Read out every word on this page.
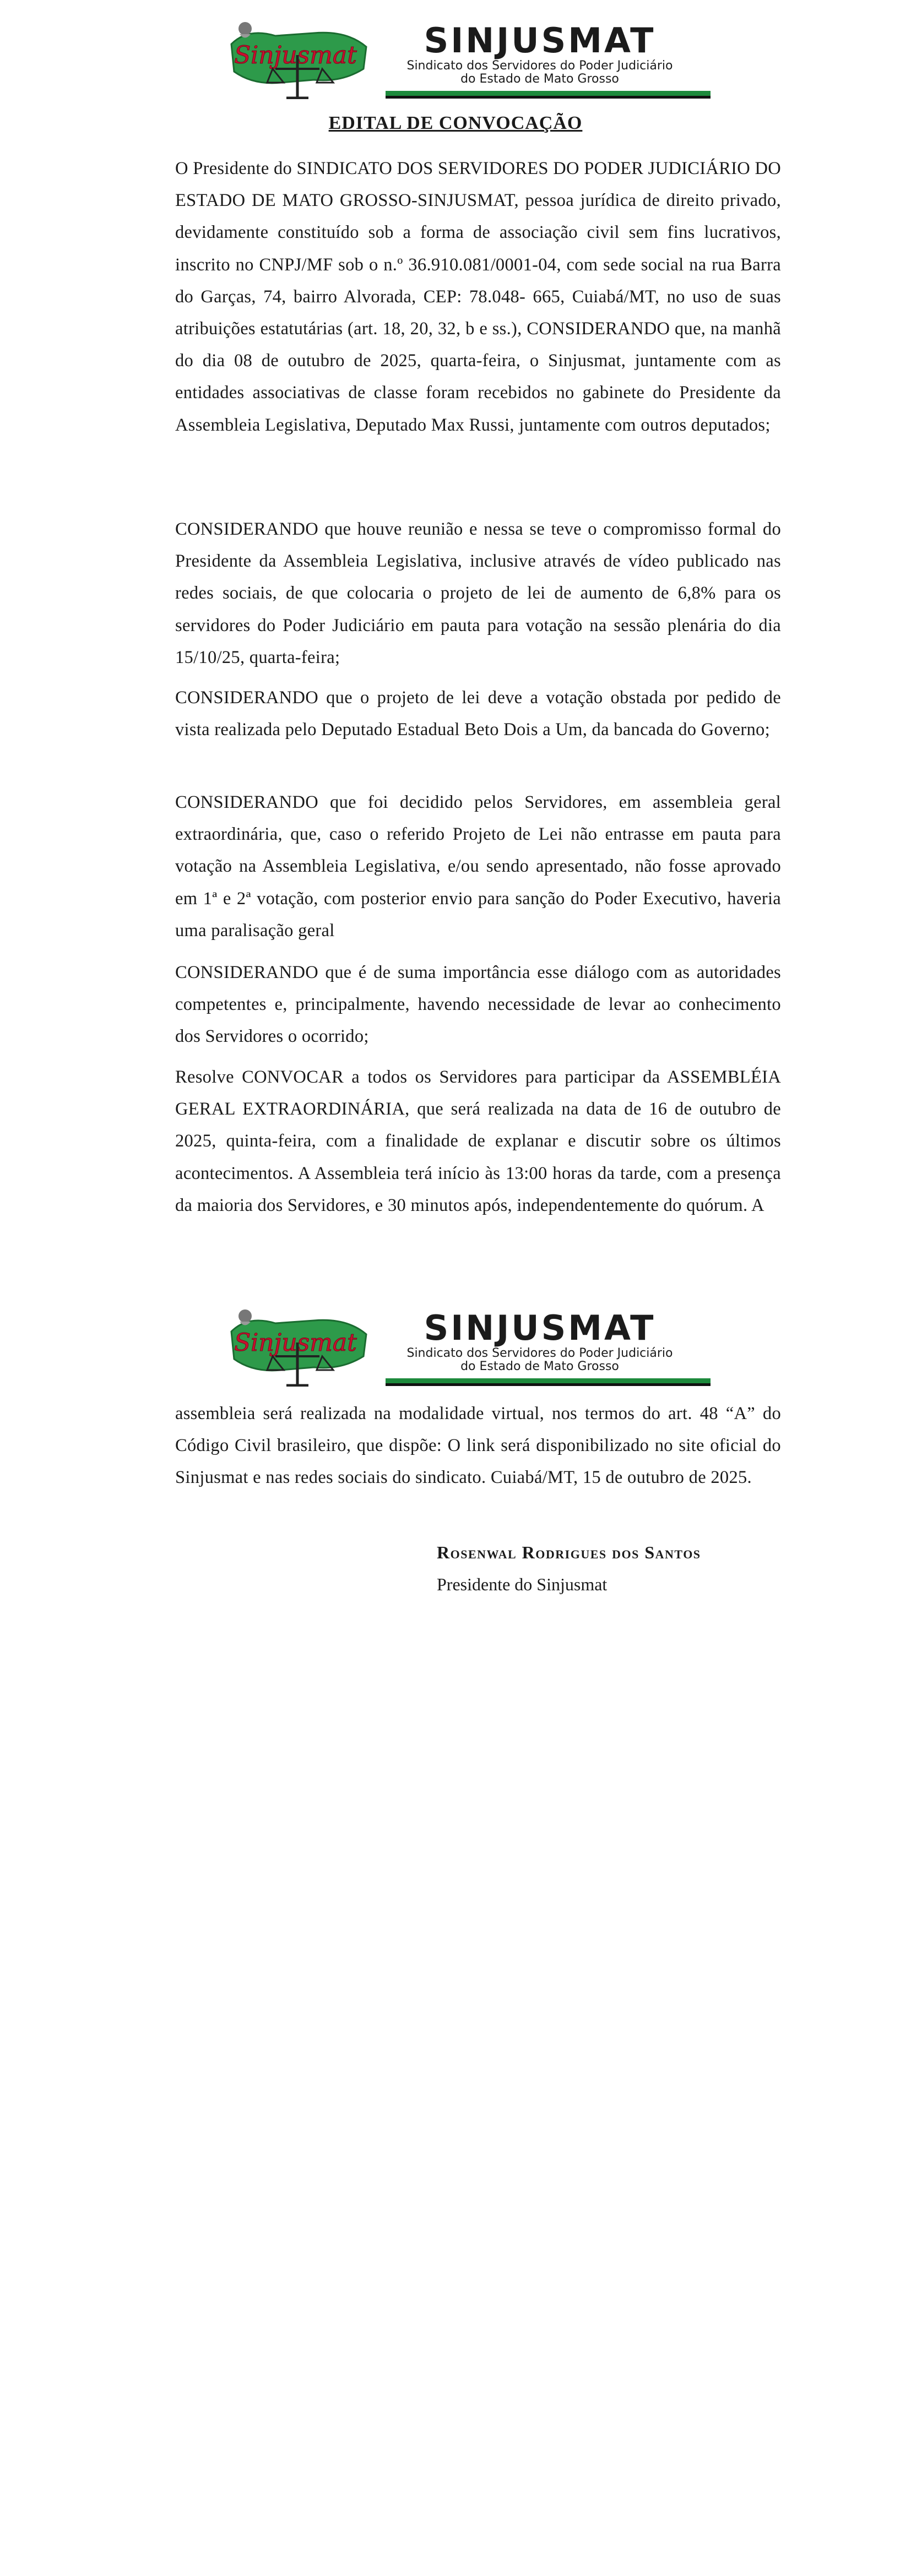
Sinjusmat	SINJUSMAT
Sindicato dos Servidores do Poder Judiciário
do Estado de Mato Grosso
EDITAL DE CONVOCAÇÃO

O Presidente do SINDICATO DOS SERVIDORES DO PODER JUDICIÁRIO DO ESTADO DE MATO GROSSO-SINJUSMAT, pessoa jurídica de direito privado, devidamente constituído sob a forma de associação civil sem fins lucrativos, inscrito no CNPJ/MF sob o n.º 36.910.081/0001-04, com sede social na rua Barra do Garças, 74, bairro Alvorada, CEP: 78.048- 665, Cuiabá/MT, no uso de suas atribuições estatutárias (art. 18, 20, 32, b e ss.), CONSIDERANDO que, na manhã do dia 08 de outubro de 2025, quarta-feira, o Sinjusmat, juntamente com as entidades associativas de classe foram recebidos no gabinete do Presidente da Assembleia Legislativa, Deputado Max Russi, juntamente com outros deputados;

CONSIDERANDO que houve reunião e nessa se teve o compromisso formal do Presidente da Assembleia Legislativa, inclusive através de vídeo publicado nas redes sociais, de que colocaria o projeto de lei de aumento de 6,8% para os servidores do Poder Judiciário em pauta para votação na sessão plenária do dia 15/10/25, quarta-feira;

CONSIDERANDO que o projeto de lei deve a votação obstada por pedido de vista realizada pelo Deputado Estadual Beto Dois a Um, da bancada do Governo;

CONSIDERANDO que foi decidido pelos Servidores, em assembleia geral extraordinária, que, caso o referido Projeto de Lei não entrasse em pauta para votação na Assembleia Legislativa, e/ou sendo apresentado, não fosse aprovado em 1ª e 2ª votação, com posterior envio para sanção do Poder Executivo, haveria uma paralisação geral

CONSIDERANDO que é de suma importância esse diálogo com as autoridades competentes e, principalmente, havendo necessidade de levar ao conhecimento dos Servidores o ocorrido;

Resolve CONVOCAR a todos os Servidores para participar da ASSEMBLÉIA GERAL EXTRAORDINÁRIA, que será realizada na data de 16 de outubro de 2025, quinta-feira, com a finalidade de explanar e discutir sobre os últimos acontecimentos. A Assembleia terá início às 13:00 horas da tarde, com a presença da maioria dos Servidores, e 30 minutos após, independentemente do quórum. A

Sinjusmat	SINJUSMAT
Sindicato dos Servidores do Poder Judiciário
do Estado de Mato Grosso

assembleia será realizada na modalidade virtual, nos termos do art. 48 “A” do Código Civil brasileiro, que dispõe: O link será disponibilizado no site oficial do Sinjusmat e nas redes sociais do sindicato. Cuiabá/MT, 15 de outubro de 2025.

Rosenwal Rodrigues dos Santos
Presidente do Sinjusmat
